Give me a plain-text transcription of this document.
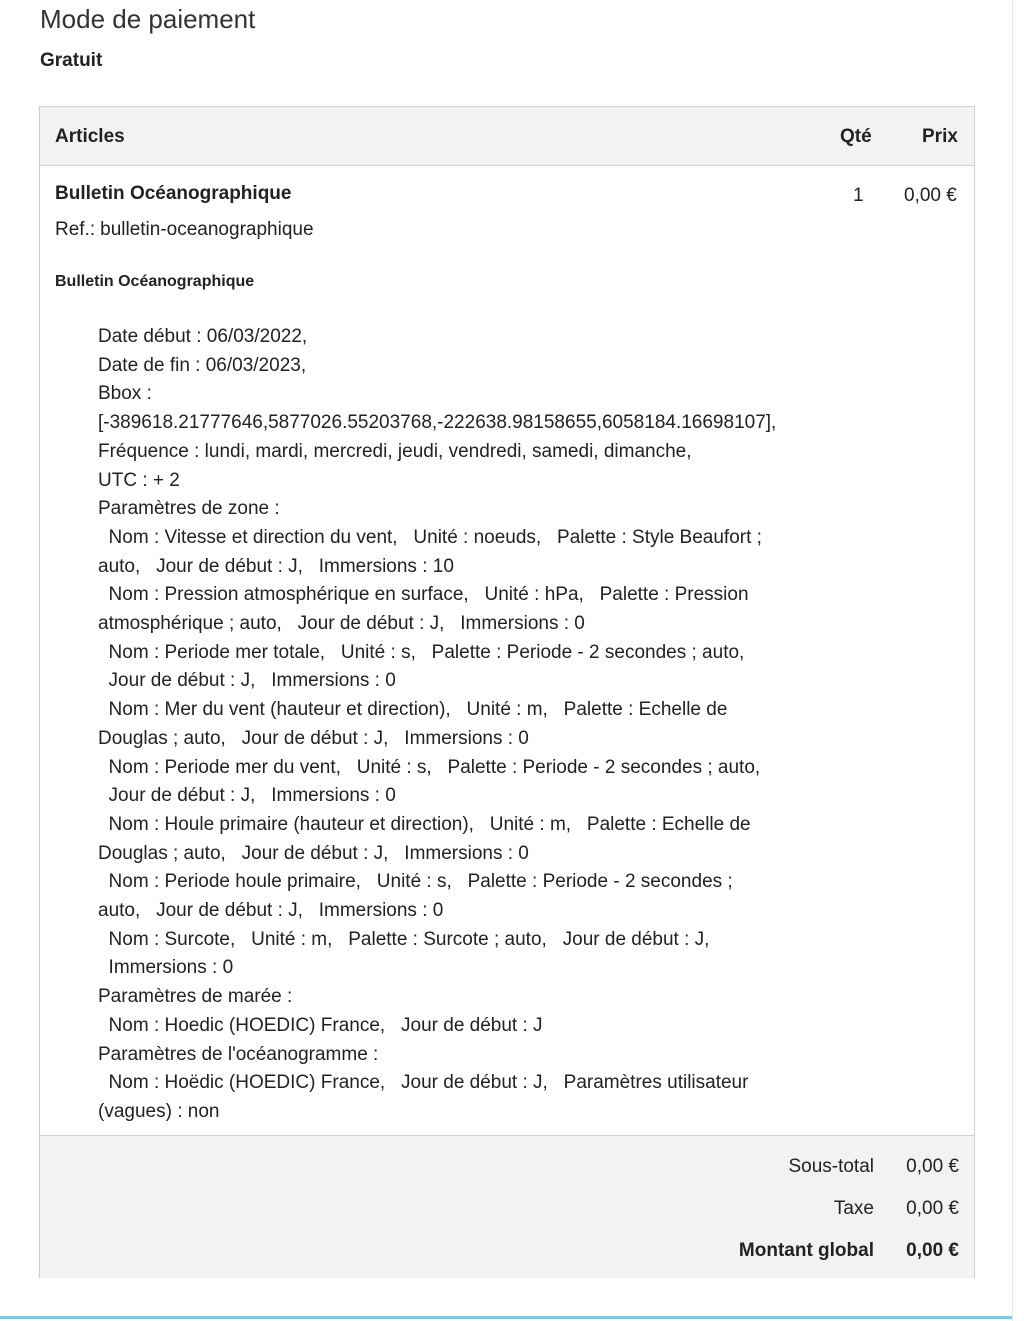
Mode de paiement
Gratuit
Articles	Qté	Prix
Bulletin Océanographique
Ref.: bulletin-oceanographique
1 0,00 €
Bulletin Océanographique
Date début : 06/03/2022,
Date de fin : 06/03/2023,
Bbox :
[-389618.21777646,5877026.55203768,-222638.98158655,6058184.16698107],
Fréquence : lundi, mardi, mercredi, jeudi, vendredi, samedi, dimanche,
UTC : + 2
Paramètres de zone :
Nom : Vitesse et direction du vent,   Unité : noeuds,   Palette : Style Beaufort ;
auto,   Jour de début : J,   Immersions : 10
Nom : Pression atmosphérique en surface,   Unité : hPa,   Palette : Pression
atmosphérique ; auto,   Jour de début : J,   Immersions : 0
Nom : Periode mer totale,   Unité : s,   Palette : Periode - 2 secondes ; auto,
Jour de début : J,   Immersions : 0
Nom : Mer du vent (hauteur et direction),   Unité : m,   Palette : Echelle de
Douglas ; auto,   Jour de début : J,   Immersions : 0
Nom : Periode mer du vent,   Unité : s,   Palette : Periode - 2 secondes ; auto,
Jour de début : J,   Immersions : 0
Nom : Houle primaire (hauteur et direction),   Unité : m,   Palette : Echelle de
Douglas ; auto,   Jour de début : J,   Immersions : 0
Nom : Periode houle primaire,   Unité : s,   Palette : Periode - 2 secondes ;
auto,   Jour de début : J,   Immersions : 0
Nom : Surcote,   Unité : m,   Palette : Surcote ; auto,   Jour de début : J,
Immersions : 0
Paramètres de marée :
Nom : Hoedic (HOEDIC) France,   Jour de début : J
Paramètres de l'océanogramme :
Nom : Hoëdic (HOEDIC) France,   Jour de début : J,   Paramètres utilisateur
(vagues) : non
Sous-total 0,00 €
Taxe 0,00 €
Montant global 0,00 €
